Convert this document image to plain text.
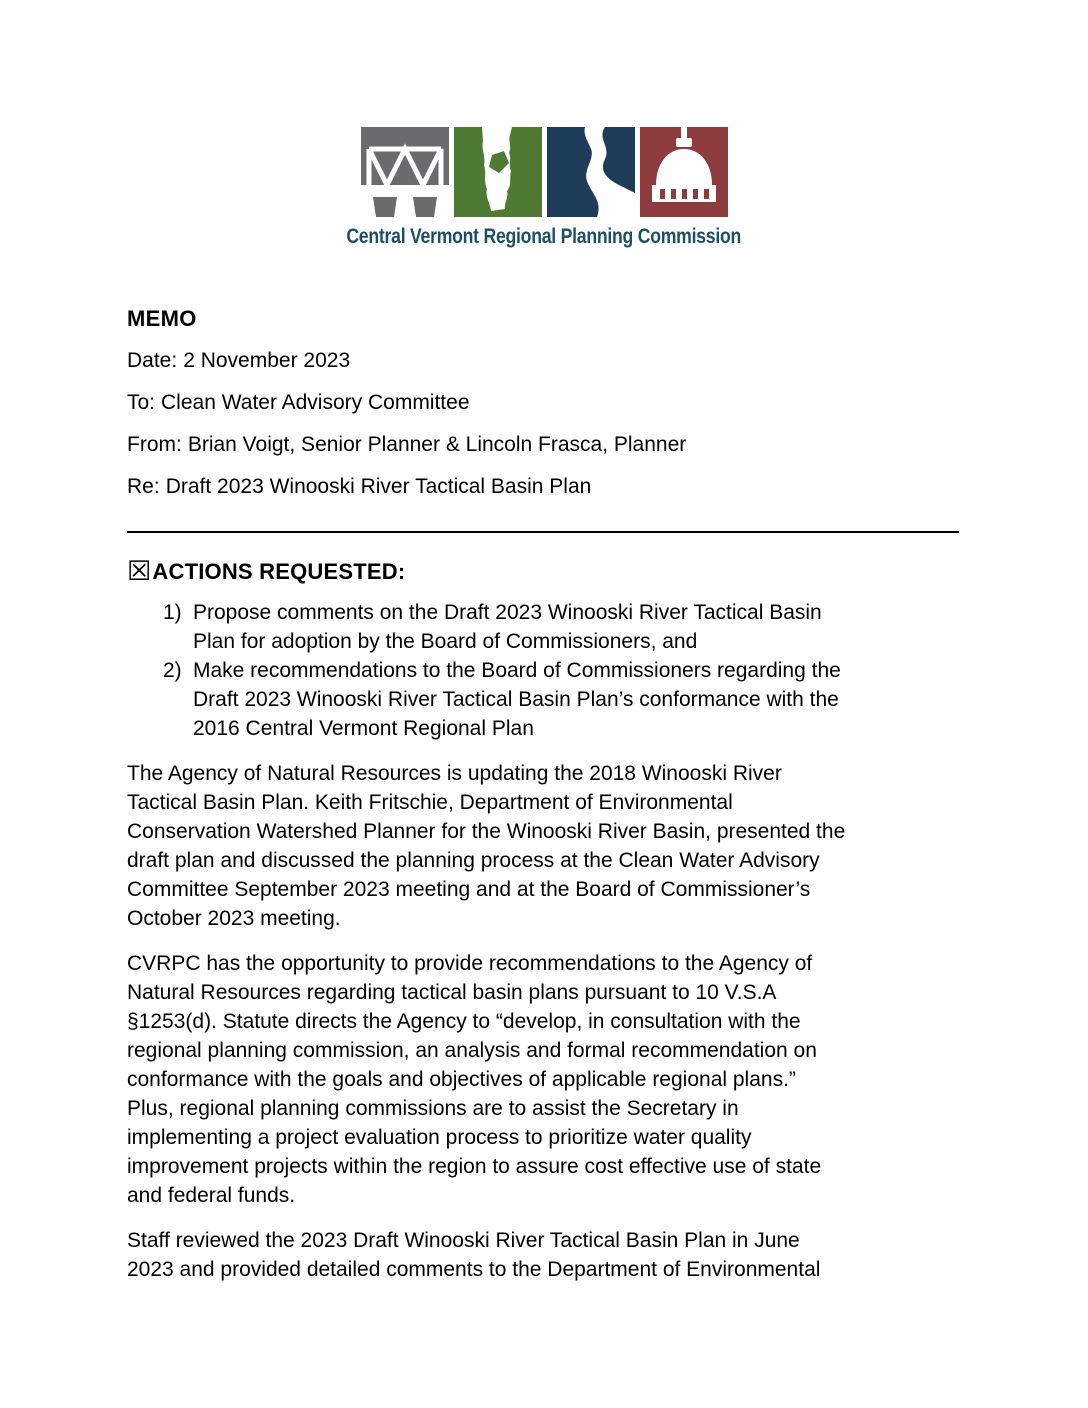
Central Vermont Regional Planning Commission
MEMO
Date: 2 November 2023
To: Clean Water Advisory Committee
From: Brian Voigt, Senior Planner & Lincoln Frasca, Planner
Re: Draft 2023 Winooski River Tactical Basin Plan
☒ ACTIONS REQUESTED:
1) Propose comments on the Draft 2023 Winooski River Tactical Basin
Plan for adoption by the Board of Commissioners, and
2) Make recommendations to the Board of Commissioners regarding the
Draft 2023 Winooski River Tactical Basin Plan’s conformance with the
2016 Central Vermont Regional Plan
The Agency of Natural Resources is updating the 2018 Winooski River
Tactical Basin Plan. Keith Fritschie, Department of Environmental
Conservation Watershed Planner for the Winooski River Basin, presented the
draft plan and discussed the planning process at the Clean Water Advisory
Committee September 2023 meeting and at the Board of Commissioner’s
October 2023 meeting.
CVRPC has the opportunity to provide recommendations to the Agency of
Natural Resources regarding tactical basin plans pursuant to 10 V.S.A
§1253(d). Statute directs the Agency to “develop, in consultation with the
regional planning commission, an analysis and formal recommendation on
conformance with the goals and objectives of applicable regional plans.”
Plus, regional planning commissions are to assist the Secretary in
implementing a project evaluation process to prioritize water quality
improvement projects within the region to assure cost effective use of state
and federal funds.
Staff reviewed the 2023 Draft Winooski River Tactical Basin Plan in June
2023 and provided detailed comments to the Department of Environmental
